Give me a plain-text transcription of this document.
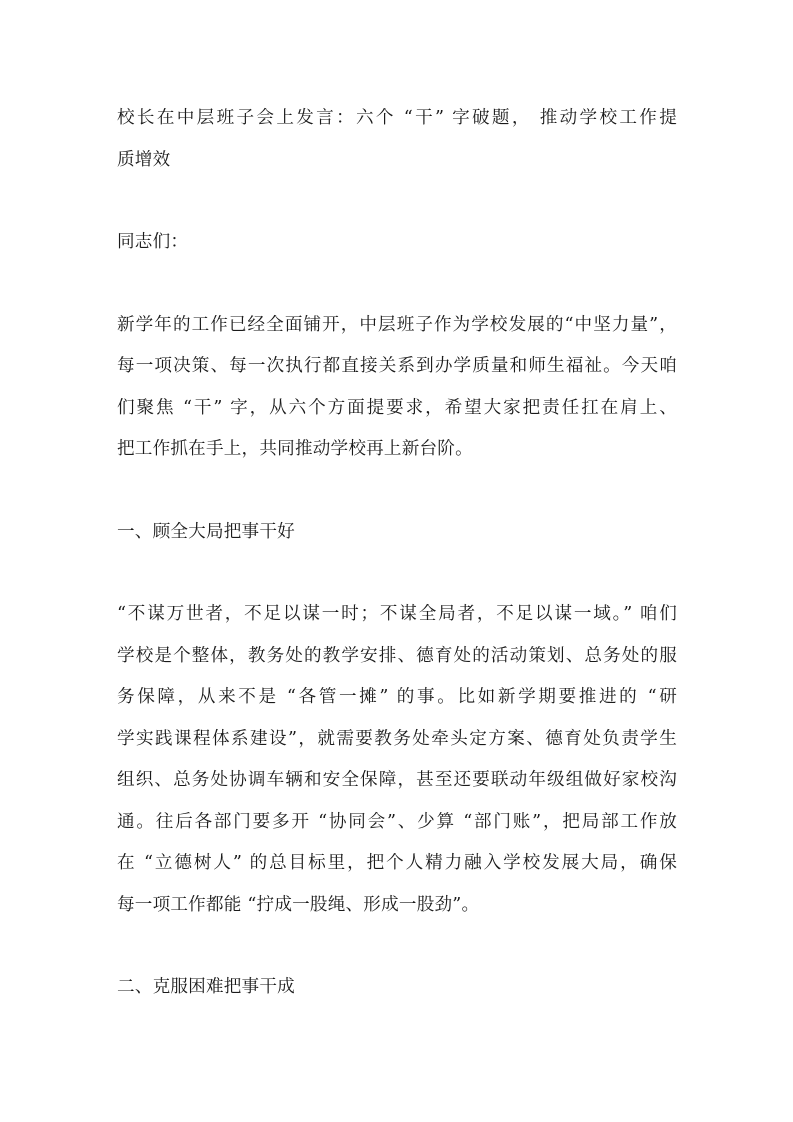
校长在中层班子会上发言：六个 “干” 字破题， 推动学校工作提
质增效

同志们：

新学年的工作已经全面铺开，中层班子作为学校发展的“中坚力量”，
每一项决策、每一次执行都直接关系到办学质量和师生福祉。今天咱
们聚焦 “干” 字，从六个方面提要求，希望大家把责任扛在肩上、
把工作抓在手上，共同推动学校再上新台阶。

一、顾全大局把事干好

“不谋万世者，不足以谋一时；不谋全局者，不足以谋一域。” 咱们
学校是个整体，教务处的教学安排、德育处的活动策划、总务处的服
务保障，从来不是 “各管一摊” 的事。比如新学期要推进的 “研
学实践课程体系建设”，就需要教务处牵头定方案、德育处负责学生
组织、总务处协调车辆和安全保障，甚至还要联动年级组做好家校沟
通。往后各部门要多开 “协同会”、少算 “部门账”，把局部工作放
在 “立德树人” 的总目标里，把个人精力融入学校发展大局，确保
每一项工作都能 “拧成一股绳、形成一股劲”。

二、克服困难把事干成
